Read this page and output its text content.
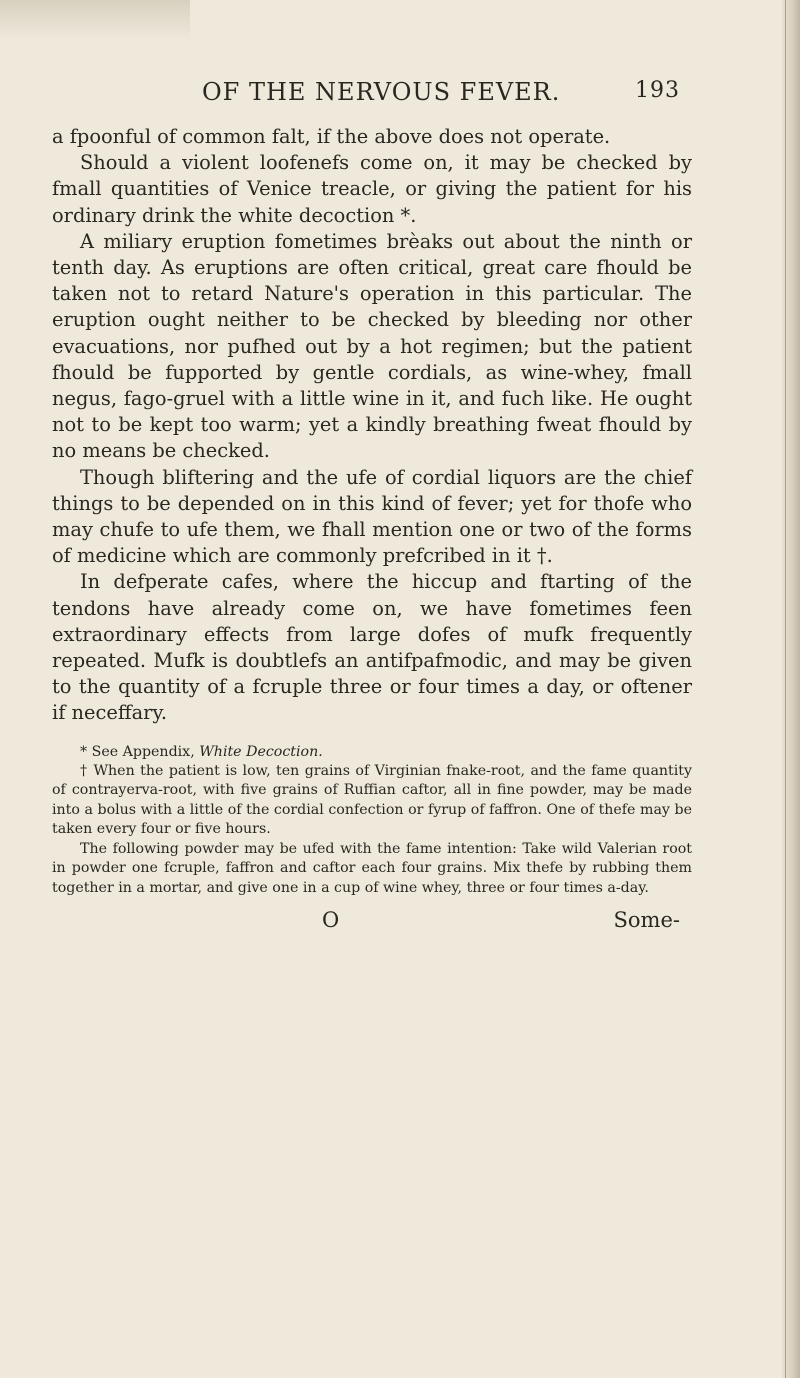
OF THE NERVOUS FEVER.	193

a fpoonful of common falt, if the above does not operate.

Should a violent loofenefs come on, it may be checked by fmall quantities of Venice treacle, or giving the patient for his ordinary drink the white decoction *.

A miliary eruption fometimes brèaks out about the ninth or tenth day. As eruptions are often critical, great care fhould be taken not to retard Nature's operation in this particular. The eruption ought neither to be checked by bleeding nor other evacuations, nor pufhed out by a hot regimen; but the patient fhould be fupported by gentle cordials, as wine-whey, fmall negus, fago-gruel with a little wine in it, and fuch like. He ought not to be kept too warm; yet a kindly breathing fweat fhould by no means be checked.

Though bliftering and the ufe of cordial liquors are the chief things to be depended on in this kind of fever; yet for thofe who may chufe to ufe them, we fhall mention one or two of the forms of medicine which are commonly prefcribed in it †.

In defperate cafes, where the hiccup and ftarting of the tendons have already come on, we have fometimes feen extraordinary effects from large dofes of mufk frequently repeated. Mufk is doubtlefs an antifpafmodic, and may be given to the quantity of a fcruple three or four times a day, or oftener if neceffary.

* See Appendix, White Decoction.

† When the patient is low, ten grains of Virginian fnake-root, and the fame quantity of contrayerva-root, with five grains of Ruffian caftor, all in fine powder, may be made into a bolus with a little of the cordial confection or fyrup of faffron. One of thefe may be taken every four or five hours.

The following powder may be ufed with the fame intention: Take wild Valerian root in powder one fcruple, faffron and caftor each four grains. Mix thefe by rubbing them together in a mortar, and give one in a cup of wine whey, three or four times a-day.

O	Some-
